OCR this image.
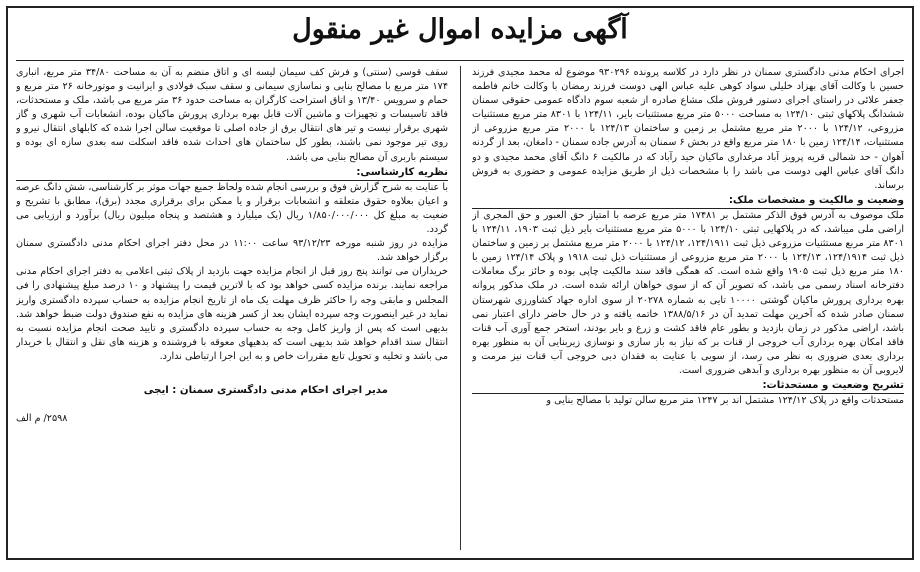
آگهی مزایده اموال غیر منقول

اجرای احکام مدنی دادگستری سمنان در نظر دارد در کلاسه پرونده ۹۳۰۲۹۶ موضوع له محمد مجیدی فرزند حسین با وکالت آقای بهزاد خلیلی سواد کوهی علیه عباس الهی دوست فرزند رمضان با وکالت خانم فاطمه جعفر علائی در راستای اجرای دستور فروش ملک مشاع صادره از شعبه سوم دادگاه عمومی حقوقی سمنان ششدانگ پلاکهای ثبتی ۱۲۴/۱۰ به مساحت ۵۰۰۰ متر مربع مستثنیات بایر، ۱۲۴/۱۱ با ۸۳۰۱ متر مربع مستثنیات مزروعی، ۱۲۴/۱۲ با ۲۰۰۰ متر مربع مشتمل بر زمین و ساختمان ۱۲۴/۱۳ با ۲۰۰۰ متر مربع مزروعی از مستثنیات، ۱۲۴/۱۴ زمین با ۱۸۰ متر مربع واقع در بخش ۶ سمنان به آدرس جاده سمنان - دامغان، بعد از گردنه آهوان - حد شمالی قریه پرویز آباد مرغداری ماکیان حید رآباد که در مالکیت ۶ دانگ آقای محمد مجیدی و دو دانگ آقای عباس الهی دوست می باشد را با مشخصات ذیل از طریق مزایده عمومی و حضوری به فروش برساند.

وضعیت و مالکیت و مشخصات ملک:

ملک موصوف به آدرس فوق الذکر مشتمل بر ۱۷۴۸۱ متر مربع عرصه با امتیاز حق العبور و حق المجری از اراضی ملی میباشد، که در پلاکهایی ثبتی ۱۲۴/۱۰ با ۵۰۰۰ متر مربع مستثنیات بایر ذیل ثبت ۱۹۰۳، ۱۲۴/۱۱ با ۸۳۰۱ متر مربع مستثنیات مزروعی ذیل ثبت ۱۲۴/۱۹۱۱، ۱۲۴/۱۲ با ۲۰۰۰ متر مربع مشتمل بر زمین و ساختمان ذیل ثبت ۱۲۴/۱۹۱۴، ۱۲۴/۱۳ با ۲۰۰۰ متر مربع مزروعی از مستثنیات ذیل ثبت ۱۹۱۸ و پلاک ۱۲۴/۱۴ زمین با ۱۸۰ متر مربع ذیل ثبت ۱۹۰۵ واقع شده است. که همگی فاقد سند مالکیت چاپی بوده و حائز برگ معاملات دفترخانه اسناد رسمی می باشد، که تصویر آن که از سوی خواهان ارائه شده است. در ملک مذکور پروانه بهره برداری پرورش ماکیان گوشتی ۱۰۰۰۰ تایی به شماره ۲۰۲۷۸ از سوی اداره جهاد کشاورزی شهرستان سمنان صادر شده که آخرین مهلت تمدید آن در ۱۳۸۸/۵/۱۶ خاتمه یافته و در حال حاضر دارای اعتبار نمی باشد، اراضی مذکور در زمان بازدید و بطور عام فاقد کشت و زرع و بایر بودند، استخر جمع آوری آب قنات فاقد امکان بهره برداری آب خروجی از قنات بر که نیاز به باز سازی و نوسازی زیربنایی آن به منظور بهره برداری بعدی ضروری به نظر می رسد، از سویی با عنایت به فقدان دبی خروجی آب قنات نیز مرمت و لایروبی آن به منظور بهره برداری و آبدهی ضروری است.

تشریح وضعیت و مستحدثات:

مستحدثات واقع در پلاک ۱۲۴/۱۲ مشتمل اند بر ۱۲۴۷ متر مربع سالن تولید با مصالح بنایی و

سقف قوسی (سنتی) و فرش کف سیمان لیسه ای و اتاق منضم به آن به مساحت ۳۴/۸۰ متر مربع، انباری ۱۷۴ متر مربع با مصالح بنایی و نماسازی سیمانی و سقف سبک فولادی و ایرانیت و موتورخانه ۲۶ متر مربع و حمام و سرویس ۱۳/۴۰ و اتاق استراحت کارگران به مساحت حدود ۳۶ متر مربع می باشد، ملک و مستحدثات، فاقد تاسیسات و تجهیزات و ماشین آلات قابل بهره برداری پرورش ماکیان بوده، انشعابات آب شهری و گاز شهری برقرار نیست و تیر های انتقال برق از جاده اصلی تا موقعیت سالن اجرا شده که کابلهای انتقال نیرو و روی تیر موجود نمی باشند، بطور کل ساختمان های احداث شده فاقد اسکلت سه بعدی سازه ای بوده و سیستم باربری آن مصالح بنایی می باشد.

نظریه کارشناسی:

با عنایت به شرح گزارش فوق و بررسی انجام شده ولحاظ جمیع جهات موثر بر کارشناسی، شش دانگ عرصه و اعیان بعلاوه حقوق متعلقه و انشعابات برقرار و یا ممکن برای برقراری مجدد (برق)، مطابق با تشریح و ضعیت به مبلغ کل ۱/۸۵۰/۰۰۰/۰۰۰ ریال (یک میلیارد و هشتصد و پنجاه میلیون ریال) برآورد و ارزیابی می گردد.

مزایده در روز شنبه مورخه ۹۳/۱۲/۲۳ ساعت ۱۱:۰۰ در محل دفتر اجرای احکام مدنی دادگستری سمنان برگزار خواهد شد.

خریداران می توانند پنج روز قبل از انجام مزایده جهت بازدید از پلاک ثبتی اعلامی به دفتر اجرای احکام مدنی مراجعه نمایند. برنده مزایده کسی خواهد بود که با لاترین قیمت را پیشنهاد و ۱۰ درصد مبلغ پیشنهادی را فی المجلس و مابقی وجه را حاکثر ظرف مهلت یک ماه از تاریخ انجام مزایده به حساب سپرده دادگستری واریز نماید در غیر اینصورت وجه سپرده ایشان بعد از کسر هزینه های مزایده به نفع صندوق دولت ضبط خواهد شد. بدیهی است که پس از واریز کامل وجه به حساب سپرده دادگستری و تایید صحت انجام مزایده نسبت به انتقال سند اقدام خواهد شد بدیهی است که بدهیهای معوقه با فروشنده و هزینه های نقل و انتقال با خریدار می باشد و تخلیه و تحویل تابع مقررات خاص و به این اجرا ارتباطی ندارد.

مدیر اجرای احکام مدنی دادگستری سمنان : ایجی
۲۵۹۸/ م الف
